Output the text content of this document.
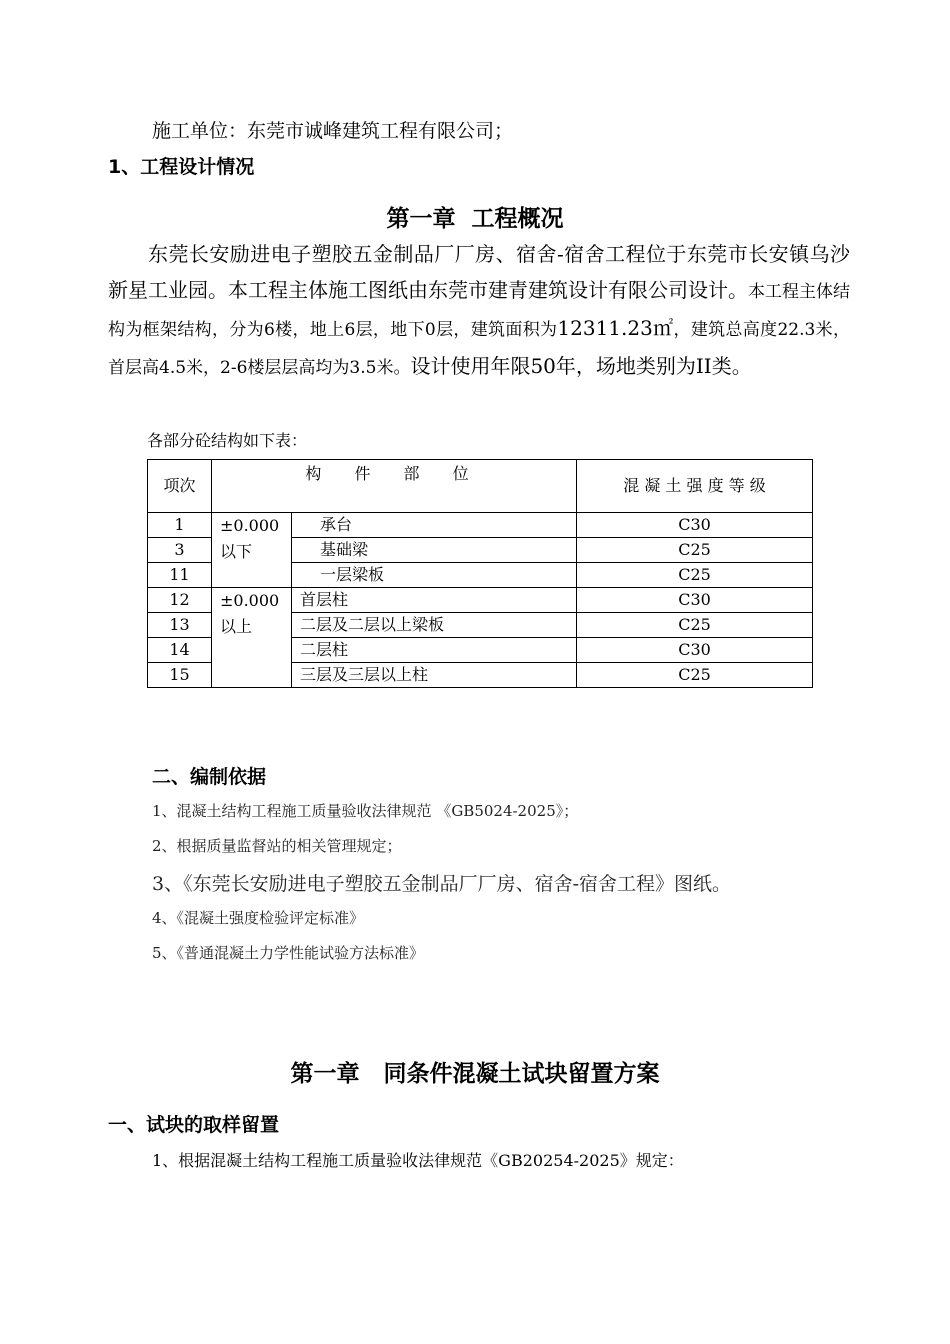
施工单位：东莞市诚峰建筑工程有限公司；
1、工程设计情况
第一章  工程概况
东莞长安励进电子塑胶五金制品厂厂房、宿舍-宿舍工程位于东莞市长安镇乌沙新星工业园。本工程主体施工图纸由东莞市建青建筑设计有限公司设计。本工程主体结构为框架结构，分为6楼，地上6层，地下0层，建筑面积为12311.23㎡，建筑总高度22.3米，首层高4.5米，2-6楼层层高均为3.5米。设计使用年限50年，场地类别为II类。
各部分砼结构如下表：
项次	构 件 部 位		混 凝 土 强 度 等 级
1	±0.000以下	承台	C30
3		基础梁	C25
11		一层梁板	C25
12	±0.000以上	首层柱	C30
13		二层及二层以上梁板	C25
14		二层柱	C30
15		三层及三层以上柱	C25
二、编制依据
1、混凝土结构工程施工质量验收法律规范 《GB5024-2025》；
2、根据质量监督站的相关管理规定；
3、《东莞长安励进电子塑胶五金制品厂厂房、宿舍-宿舍工程》图纸。
4、《混凝土强度检验评定标准》
5、《普通混凝土力学性能试验方法标准》
第一章   同条件混凝土试块留置方案
一、试块的取样留置
1、根据混凝土结构工程施工质量验收法律规范《GB20254-2025》规定：
